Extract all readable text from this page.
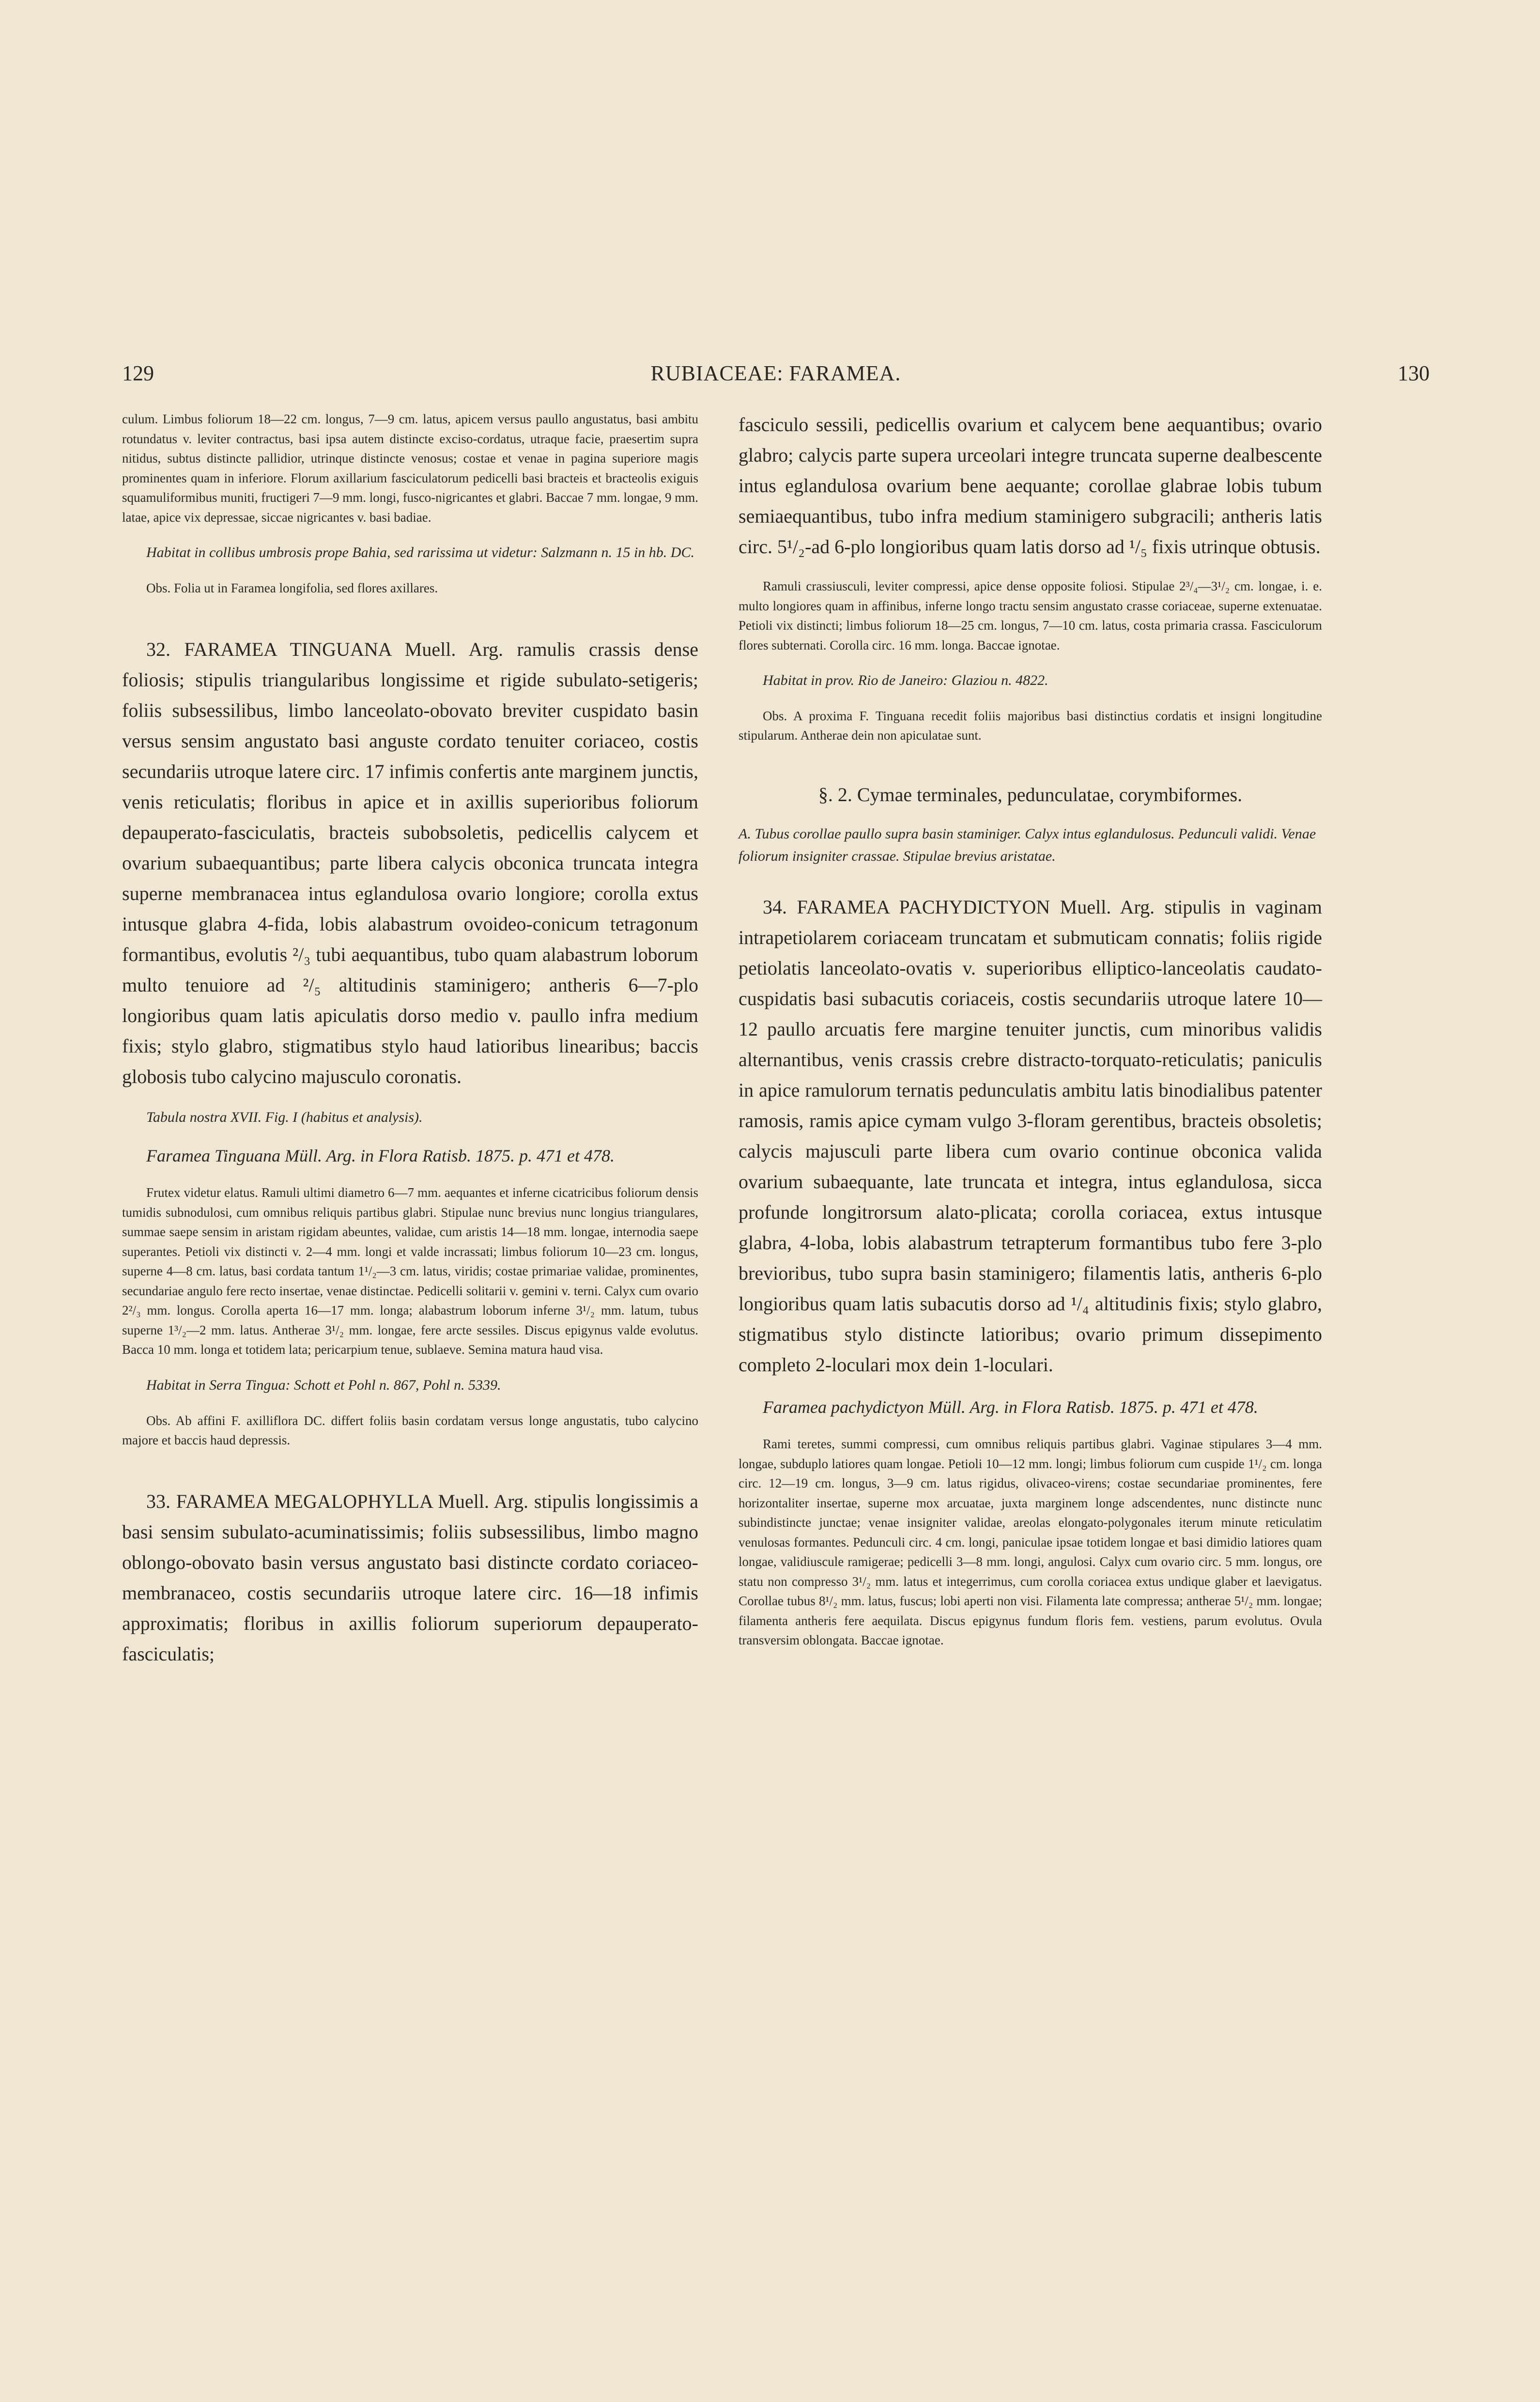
129	RUBIACEAE: FARAMEA.	130

culum. Limbus foliorum 18—22 cm. longus, 7—9 cm. latus, apicem versus paullo angustatus, basi ambitu rotundatus v. leviter contractus, basi ipsa autem distincte exciso-cordatus, utraque facie, praesertim supra nitidus, subtus distincte pallidior, utrinque distincte venosus; costae et venae in pagina superiore magis prominentes quam in inferiore. Florum axillarium fasciculatorum pedicelli basi bracteis et bracteolis exiguis squamuliformibus muniti, fructigeri 7—9 mm. longi, fusco-nigricantes et glabri. Baccae 7 mm. longae, 9 mm. latae, apice vix depressae, siccae nigricantes v. basi badiae.

Habitat in collibus umbrosis prope Bahia, sed rarissima ut videtur: Salzmann n. 15 in hb. DC.

Obs. Folia ut in Faramea longifolia, sed flores axillares.

32. FARAMEA TINGUANA Muell. Arg. ramulis crassis dense foliosis; stipulis triangularibus longissime et rigide subulato-setigeris; foliis subsessilibus, limbo lanceolato-obovato breviter cuspidato basin versus sensim angustato basi anguste cordato tenuiter coriaceo, costis secundariis utroque latere circ. 17 infimis confertis ante marginem junctis, venis reticulatis; floribus in apice et in axillis superioribus foliorum depauperato-fasciculatis, bracteis subobsoletis, pedicellis calycem et ovarium subaequantibus; parte libera calycis obconica truncata integra superne membranacea intus eglandulosa ovario longiore; corolla extus intusque glabra 4-fida, lobis alabastrum ovoideo-conicum tetragonum formantibus, evolutis ²/₃ tubi aequantibus, tubo quam alabastrum loborum multo tenuiore ad ²/₅ altitudinis staminigero; antheris 6—7-plo longioribus quam latis apiculatis dorso medio v. paullo infra medium fixis; stylo glabro, stigmatibus stylo haud latioribus linearibus; baccis globosis tubo calycino majusculo coronatis.

Tabula nostra XVII. Fig. I (habitus et analysis).

Faramea Tinguana Müll. Arg. in Flora Ratisb. 1875. p. 471 et 478.

Frutex videtur elatus. Ramuli ultimi diametro 6—7 mm. aequantes et inferne cicatricibus foliorum densis tumidis subnodulosi, cum omnibus reliquis partibus glabri. Stipulae nunc brevius nunc longius triangulares, summae saepe sensim in aristam rigidam abeuntes, validae, cum aristis 14—18 mm. longae, internodia saepe superantes. Petioli vix distincti v. 2—4 mm. longi et valde incrassati; limbus foliorum 10—23 cm. longus, superne 4—8 cm. latus, basi cordata tantum 1¹/₂—3 cm. latus, viridis; costae primariae validae, prominentes, secundariae angulo fere recto insertae, venae distinctae. Pedicelli solitarii v. gemini v. terni. Calyx cum ovario 2²/₃ mm. longus. Corolla aperta 16—17 mm. longa; alabastrum loborum inferne 3¹/₂ mm. latum, tubus superne 1³/₂—2 mm. latus. Antherae 3¹/₂ mm. longae, fere arcte sessiles. Discus epigynus valde evolutus. Bacca 10 mm. longa et totidem lata; pericarpium tenue, sublaeve. Semina matura haud visa.

Habitat in Serra Tingua: Schott et Pohl n. 867, Pohl n. 5339.

Obs. Ab affini F. axilliflora DC. differt foliis basin cordatam versus longe angustatis, tubo calycino majore et baccis haud depressis.

33. FARAMEA MEGALOPHYLLA Muell. Arg. stipulis longissimis a basi sensim subulato-acuminatissimis; foliis subsessilibus, limbo magno oblongo-obovato basin versus angustato basi distincte cordato coriaceo-membranaceo, costis secundariis utroque latere circ. 16—18 infimis approximatis; floribus in axillis foliorum superiorum depauperato-fasciculatis;

fasciculo sessili, pedicellis ovarium et calycem bene aequantibus; ovario glabro; calycis parte supera urceolari integre truncata superne dealbescente intus eglandulosa ovarium bene aequante; corollae glabrae lobis tubum semiaequantibus, tubo infra medium staminigero subgracili; antheris latis circ. 5¹/₂-ad 6-plo longioribus quam latis dorso ad ¹/₅ fixis utrinque obtusis.

Ramuli crassiusculi, leviter compressi, apice dense opposite foliosi. Stipulae 2³/₄—3¹/₂ cm. longae, i. e. multo longiores quam in affinibus, inferne longo tractu sensim angustato crasse coriaceae, superne extenuatae. Petioli vix distincti; limbus foliorum 18—25 cm. longus, 7—10 cm. latus, costa primaria crassa. Fasciculorum flores subternati. Corolla circ. 16 mm. longa. Baccae ignotae.

Habitat in prov. Rio de Janeiro: Glaziou n. 4822.

Obs. A proxima F. Tinguana recedit foliis majoribus basi distinctius cordatis et insigni longitudine stipularum. Antherae dein non apiculatae sunt.

§. 2. Cymae terminales, pedunculatae, corymbiformes.

A. Tubus corollae paullo supra basin staminiger. Calyx intus eglandulosus. Pedunculi validi. Venae foliorum insigniter crassae. Stipulae brevius aristatae.

34. FARAMEA PACHYDICTYON Muell. Arg. stipulis in vaginam intrapetiolarem coriaceam truncatam et submuticam connatis; foliis rigide petiolatis lanceolato-ovatis v. superioribus elliptico-lanceolatis caudato-cuspidatis basi subacutis coriaceis, costis secundariis utroque latere 10—12 paullo arcuatis fere margine tenuiter junctis, cum minoribus validis alternantibus, venis crassis crebre distracto-torquato-reticulatis; paniculis in apice ramulorum ternatis pedunculatis ambitu latis binodialibus patenter ramosis, ramis apice cymam vulgo 3-floram gerentibus, bracteis obsoletis; calycis majusculi parte libera cum ovario continue obconica valida ovarium subaequante, late truncata et integra, intus eglandulosa, sicca profunde longitrorsum alato-plicata; corolla coriacea, extus intusque glabra, 4-loba, lobis alabastrum tetrapterum formantibus tubo fere 3-plo brevioribus, tubo supra basin staminigero; filamentis latis, antheris 6-plo longioribus quam latis subacutis dorso ad ¹/₄ altitudinis fixis; stylo glabro, stigmatibus stylo distincte latioribus; ovario primum dissepimento completo 2-loculari mox dein 1-loculari.

Faramea pachydictyon Müll. Arg. in Flora Ratisb. 1875. p. 471 et 478.

Rami teretes, summi compressi, cum omnibus reliquis partibus glabri. Vaginae stipulares 3—4 mm. longae, subduplo latiores quam longae. Petioli 10—12 mm. longi; limbus foliorum cum cuspide 1¹/₂ cm. longa circ. 12—19 cm. longus, 3—9 cm. latus rigidus, olivaceo-virens; costae secundariae prominentes, fere horizontaliter insertae, superne mox arcuatae, juxta marginem longe adscendentes, nunc distincte nunc subindistincte junctae; venae insigniter validae, areolas elongato-polygonales iterum minute reticulatim venulosas formantes. Pedunculi circ. 4 cm. longi, paniculae ipsae totidem longae et basi dimidio latiores quam longae, validiuscule ramigerae; pedicelli 3—8 mm. longi, angulosi. Calyx cum ovario circ. 5 mm. longus, ore statu non compresso 3¹/₂ mm. latus et integerrimus, cum corolla coriacea extus undique glaber et laevigatus. Corollae tubus 8¹/₂ mm. latus, fuscus; lobi aperti non visi. Filamenta late compressa; antherae 5¹/₂ mm. longae; filamenta antheris fere aequilata. Discus epigynus fundum floris fem. vestiens, parum evolutus. Ovula transversim oblongata. Baccae ignotae.
